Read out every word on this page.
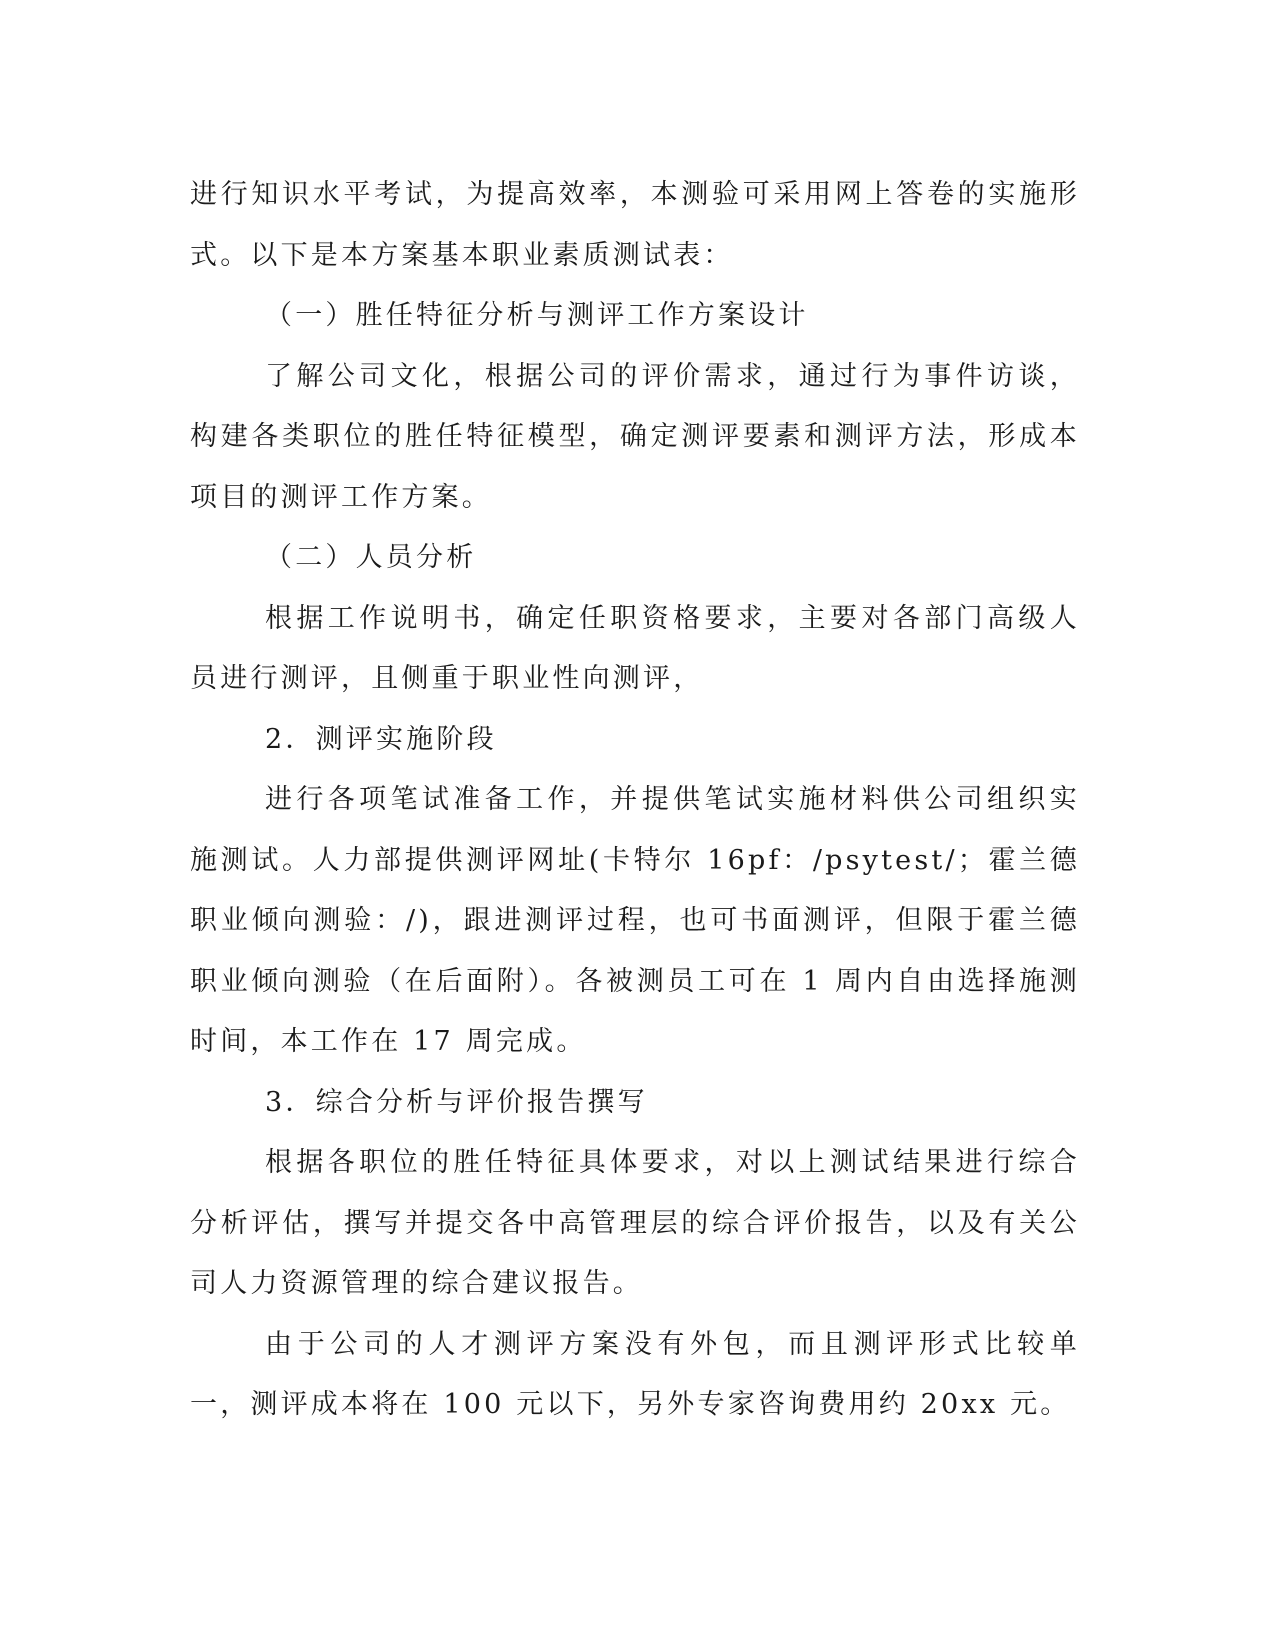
进行知识水平考试，为提高效率，本测验可采用网上答卷的实施形式。以下是本方案基本职业素质测试表：

（一）胜任特征分析与测评工作方案设计

了解公司文化，根据公司的评价需求，通过行为事件访谈，构建各类职位的胜任特征模型，确定测评要素和测评方法，形成本项目的测评工作方案。

（二）人员分析

根据工作说明书，确定任职资格要求，主要对各部门高级人员进行测评，且侧重于职业性向测评，

2．测评实施阶段

进行各项笔试准备工作，并提供笔试实施材料供公司组织实施测试。人力部提供测评网址(卡特尔 16pf：/psytest/；霍兰德职业倾向测验：/)，跟进测评过程，也可书面测评，但限于霍兰德职业倾向测验（在后面附）。各被测员工可在 1 周内自由选择施测时间，本工作在 17 周完成。

3．综合分析与评价报告撰写

根据各职位的胜任特征具体要求，对以上测试结果进行综合分析评估，撰写并提交各中高管理层的综合评价报告，以及有关公司人力资源管理的综合建议报告。

由于公司的人才测评方案没有外包，而且测评形式比较单一，测评成本将在 100 元以下，另外专家咨询费用约 20xx 元。
